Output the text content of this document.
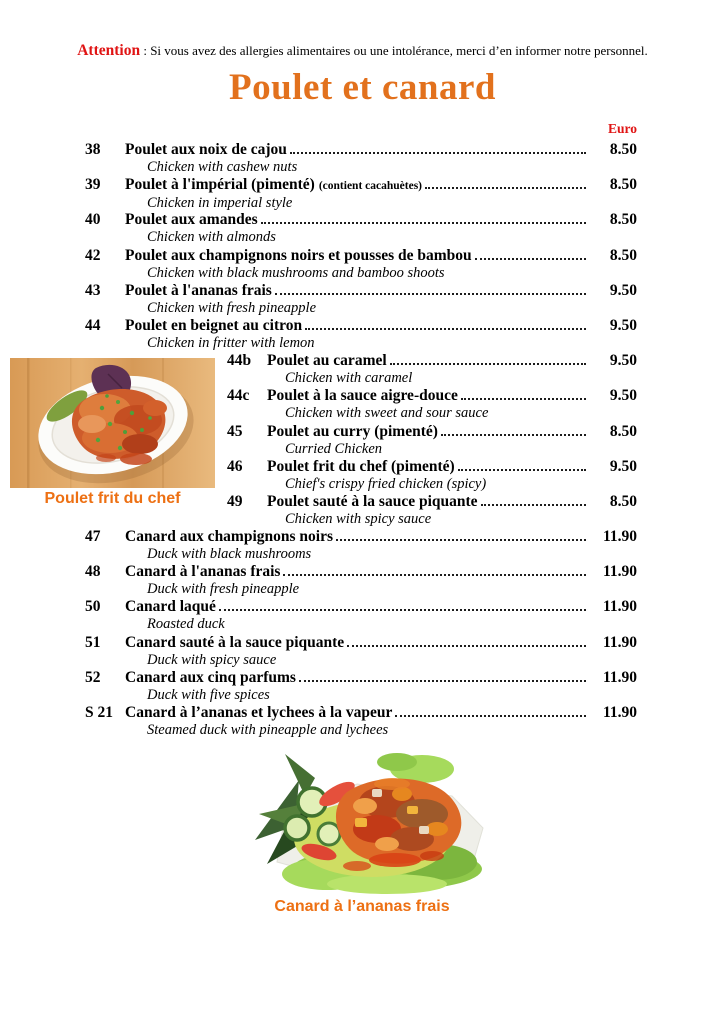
Attention : Si vous avez des allergies alimentaires ou une intolérance, merci d’en informer notre personnel.
Poulet et canard
Euro
38	Poulet aux noix de cajou	8.50
Chicken with cashew nuts
39	Poulet à l'impérial (pimenté) (contient cacahuètes)	8.50
Chicken in imperial style
40	Poulet aux amandes	8.50
Chicken with almonds
42	Poulet aux champignons noirs et pousses de bambou	8.50
Chicken with black mushrooms and bamboo shoots
43	Poulet à l'ananas frais	9.50
Chicken with fresh pineapple
44	Poulet en beignet au citron	9.50
Chicken in fritter with lemon
44b	Poulet au caramel	9.50
Chicken with caramel
44c	Poulet à la sauce aigre-douce	9.50
Chicken with sweet and sour sauce
45	Poulet au curry (pimenté)	8.50
Curried Chicken
46	Poulet frit du chef (pimenté)	9.50
Chief's crispy fried chicken (spicy)
49	Poulet sauté à la sauce piquante	8.50
Chicken with spicy sauce
47	Canard aux champignons noirs	11.90
Duck with black mushrooms
48	Canard à l'ananas frais	11.90
Duck with fresh pineapple
50	Canard laqué	11.90
Roasted duck
51	Canard sauté à la sauce piquante	11.90
Duck with spicy sauce
52	Canard aux cinq parfums	11.90
Duck with five spices
S 21 Canard à l’ananas et lychees à la vapeur	11.90
Steamed duck with pineapple and lychees
Poulet frit du chef
Canard à l’ananas frais
